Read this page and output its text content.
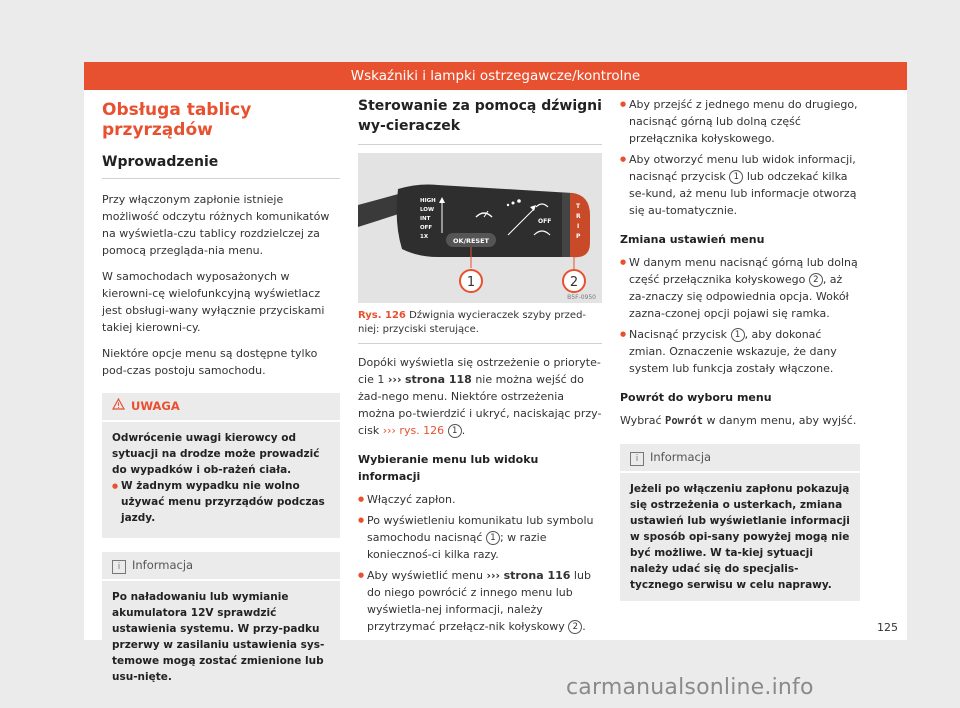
Wskaźniki i lampki ostrzegawcze/kontrolne
Obsługa tablicy przyrządów
Wprowadzenie

Przy włączonym zapłonie istnieje możliwość odczytu różnych komunikatów na wyświetla-czu tablicy rozdzielczej za pomocą przegląda-nia menu.

W samochodach wyposażonych w kierowni-cę wielofunkcyjną wyświetlacz jest obsługi-wany wyłącznie przyciskami takiej kierowni-cy.

Niektóre opcje menu są dostępne tylko pod-czas postoju samochodu.

UWAGA
Odwrócenie uwagi kierowcy od sytuacji na drodze może prowadzić do wypadków i ob-rażeń ciała.
● W żadnym wypadku nie wolno używać menu przyrządów podczas jazdy.
i Informacja
Po naładowaniu lub wymianie akumulatora 12V sprawdzić ustawienia systemu. W przy-padku przerwy w zasilaniu ustawienia sys-temowe mogą zostać zmienione lub usu-nięte.
Sterowanie za pomocą dźwigni wy-cieraczek
OK/RESET
HIGH
LOW
INT
OFF
1X
OFF
T
R
I
P
1	2
B5F-0950
Rys. 126 Dźwignia wycieraczek szyby przed-niej: przyciski sterujące.

Dopóki wyświetla się ostrzeżenie o prioryte-cie 1 ››› strona 118 nie można wejść do żad-nego menu. Niektóre ostrzeżenia można po-twierdzić i ukryć, naciskając przy-cisk ››› rys. 126 1 .

Wybieranie menu lub widoku informacji
● Włączyć zapłon.
● Po wyświetleniu komunikatu lub symbolu samochodu nacisnąć 1 ; w razie koniecznoś-ci kilka razy.
● Aby wyświetlić menu ››› strona 116 lub do niego powrócić z innego menu lub wyświetla-nej informacji, należy przytrzymać przełącz-nik kołyskowy 2 .
● Aby przejść z jednego menu do drugiego, nacisnąć górną lub dolną część przełącznika kołyskowego.
● Aby otworzyć menu lub widok informacji, nacisnąć przycisk 1 lub odczekać kilka se-kund, aż menu lub informacje otworzą się au-tomatycznie.
Zmiana ustawień menu
● W danym menu nacisnąć górną lub dolną część przełącznika kołyskowego 2 , aż za-znaczy się odpowiednia opcja. Wokół zazna-czonej opcji pojawi się ramka.
● Nacisnąć przycisk 1 , aby dokonać zmian. Oznaczenie wskazuje, że dany system lub funkcja zostały włączone.
Powrót do wyboru menu

Wybrać Powrót w danym menu, aby wyjść.

i Informacja
Jeżeli po włączeniu zapłonu pokazują się ostrzeżenia o usterkach, zmiana ustawień lub wyświetlanie informacji w sposób opi-sany powyżej mogą nie być możliwe. W ta-kiej sytuacji należy udać się do specjalis-tycznego serwisu w celu naprawy.
125
carmanualsonline.info
